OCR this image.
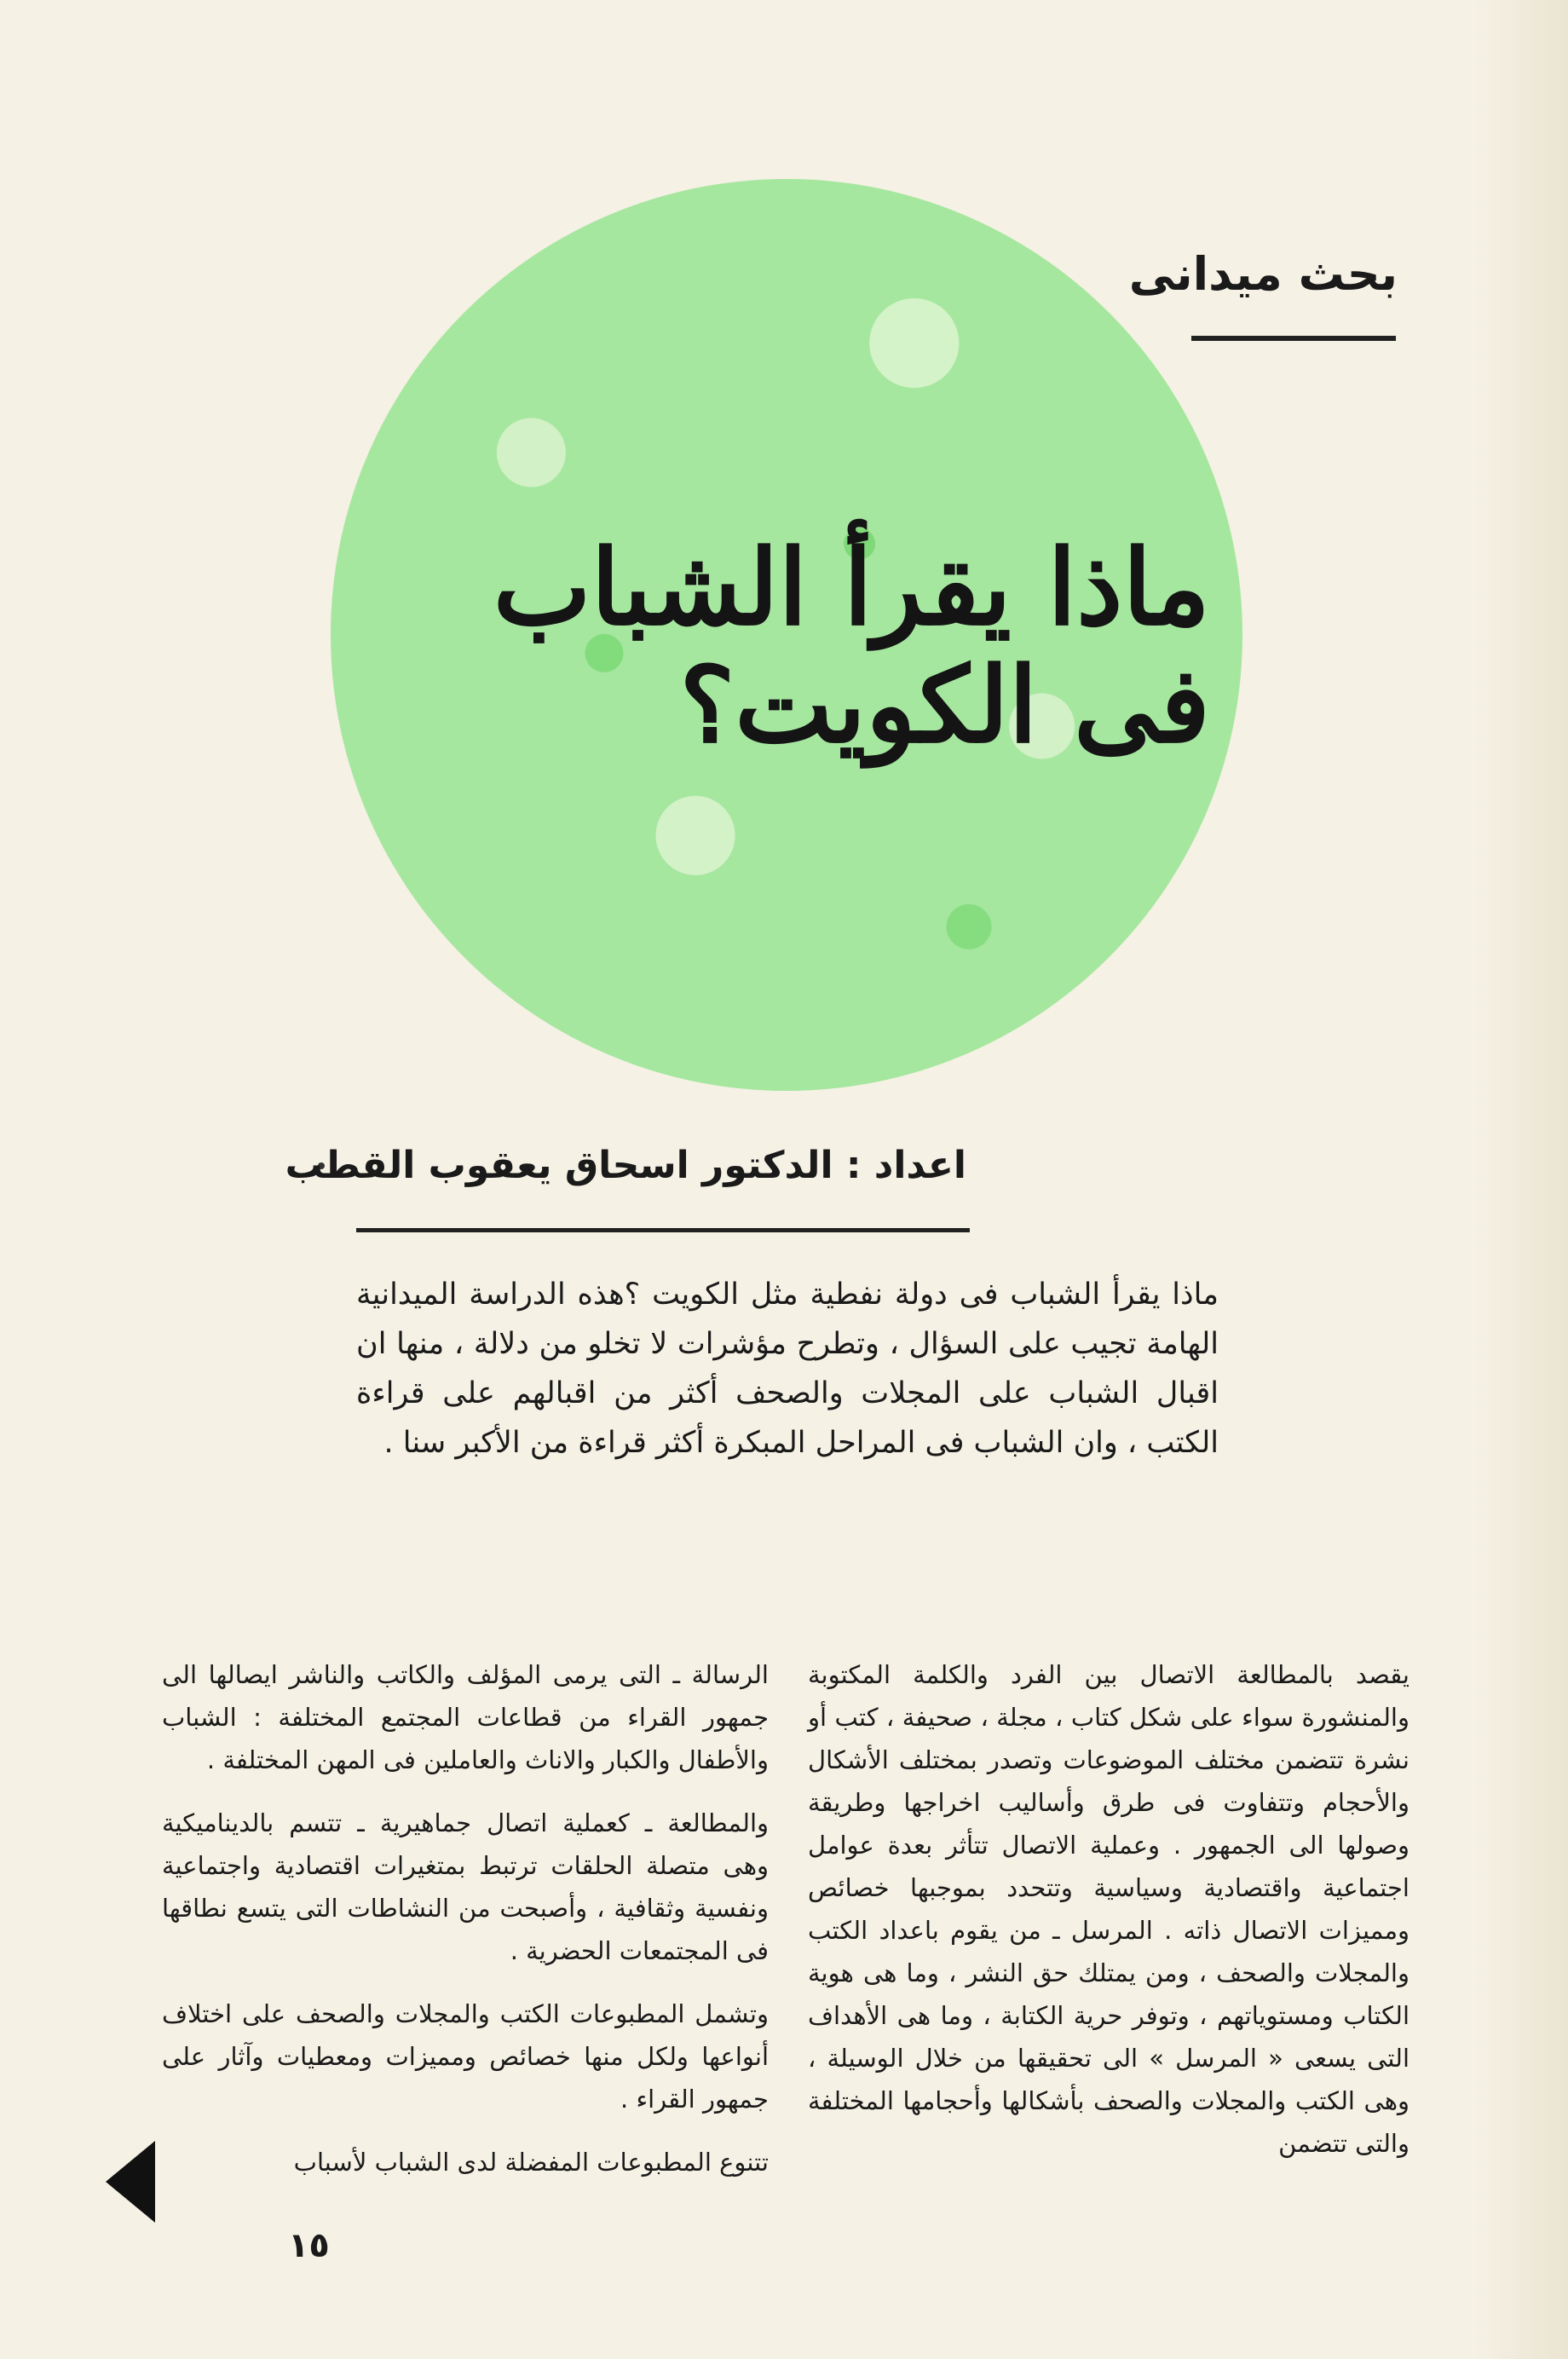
بحث ميدانى
ماذا يقرأ الشباب فى الكويت؟
اعداد : الدكتور اسحاق يعقوب القطب
ماذا يقرأ الشباب فى دولة نفطية مثل الكويت ؟هذه الدراسة الميدانية الهامة تجيب على السؤال ، وتطرح مؤشرات لا تخلو من دلالة ، منها ان اقبال الشباب على المجلات والصحف أكثر من اقبالهم على قراءة الكتب ، وان الشباب فى المراحل المبكرة أكثر قراءة من الأكبر سنا .

يقصد بالمطالعة الاتصال بين الفرد والكلمة المكتوبة والمنشورة سواء على شكل كتاب ، مجلة ، صحيفة ، كتب أو نشرة تتضمن مختلف الموضوعات وتصدر بمختلف الأشكال والأحجام وتتفاوت فى طرق وأساليب اخراجها وطريقة وصولها الى الجمهور . وعملية الاتصال تتأثر بعدة عوامل اجتماعية واقتصادية وسياسية وتتحدد بموجبها خصائص ومميزات الاتصال ذاته . المرسل ـ من يقوم باعداد الكتب والمجلات والصحف ، ومن يمتلك حق النشر ، وما هى هوية الكتاب ومستوياتهم ، وتوفر حرية الكتابة ، وما هى الأهداف التى يسعى « المرسل » الى تحقيقها من خلال الوسيلة ، وهى الكتب والمجلات والصحف بأشكالها وأحجامها المختلفة والتى تتضمن

الرسالة ـ التى يرمى المؤلف والكاتب والناشر ايصالها الى جمهور القراء من قطاعات المجتمع المختلفة : الشباب والأطفال والكبار والاناث والعاملين فى المهن المختلفة .

والمطالعة ـ كعملية اتصال جماهيرية ـ تتسم بالديناميكية وهى متصلة الحلقات ترتبط بمتغيرات اقتصادية واجتماعية ونفسية وثقافية ، وأصبحت من النشاطات التى يتسع نطاقها فى المجتمعات الحضرية .

وتشمل المطبوعات الكتب والمجلات والصحف على اختلاف أنواعها ولكل منها خصائص ومميزات ومعطيات وآثار على جمهور القراء .

تتنوع المطبوعات المفضلة لدى الشباب لأسباب

١٥
